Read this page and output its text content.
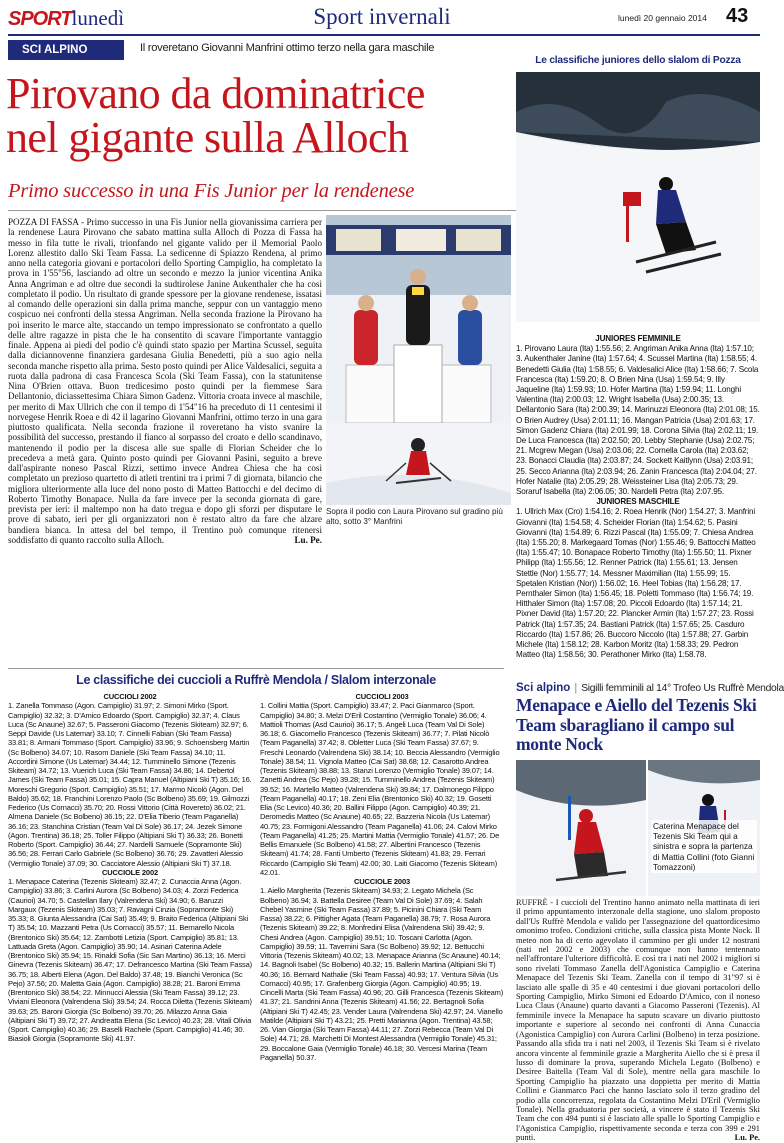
SPORTlunedì	Sport invernali	lunedì 20 gennaio 2014 43
SCI ALPINO	Il roveretano Giovanni Manfrini ottimo terzo nella gara maschile
Pirovano da dominatrice
nel gigante sulla Alloch
Primo successo in una Fis Junior per la rendenese
POZZA DI FASSA - Primo successo in una Fis Junior nella giovanissima carriera per la rendenese Laura Pirovano che sabato mattina sulla Alloch di Pozza di Fassa ha messo in fila tutte le rivali, trionfando nel gigante valido per il Memorial Paolo Lorenz allestito dallo Ski Team Fassa. La sedicenne di Spiazzo Rendena, al primo anno nella categoria giovani e portacolori dello Sporting Campiglio, ha completato la prova in 1'55"56, lasciando ad oltre un secondo e mezzo la junior vicentina Anika Anna Angriman e ad oltre due secondi la sudtirolese Janine Aukenthaler che ha così completato il podio. Un risultato di grande spessore per la giovane rendenese, issatasi al comando delle operazioni sin dalla prima manche, seppur con un vantaggio meno cospicuo nei confronti della stessa Angriman. Nella seconda frazione la Pirovano ha poi inserito le marce alte, staccando un tempo impressionato se confrontato a quello delle altre ragazze in pista che le ha consentito di scavare l'importante vantaggio finale. Appena ai piedi del podio c'è quindi stato spazio per Martina Scussel, seguita dalla diciannovenne finanziera gardesana Giulia Benedetti, più a suo agio nella seconda manche rispetto alla prima. Sesto posto quindi per Alice Valdesalici, seguita a ruota dalla padrona di casa Francesca Scola (Ski Team Fassa), con la statunitense Nina O'Brien ottava. Buon tredicesimo posto quindi per la fiemmese Sara Dellantonio, diciassettesima Chiara Simon Gadenz. Vittoria croata invece al maschile, per merito di Max Ullrich che con il tempo di 1'54"16 ha preceduto di 11 centesimi il norvegese Henrik Roea e di 42 il lagarino Giovanni Manfrini, ottimo terzo in una gara piuttosto qualificata. Nella seconda frazione il roveretano ha visto svanire la possibilità del successo, prestando il fianco al sorpasso del croato e dello scandinavo, mantenendo il podio per la discesa alle sue spalle di Florian Scheider che lo precedeva a metà gara. Quinto posto quindi per Giovanni Pasini, seguito a breve dall'aspirante noneso Pascal Rizzi, settimo invece Andrea Chiesa che ha così completato un prezioso quartetto di atleti trentini tra i primi 7 di giornata, bilancio che migliora ulteriormente alla luce del nono posto di Matteo Battocchi e del decimo di Roberto Timothy Bonapace. Nulla da fare invece per la seconda giornata di gare, prevista per ieri: il maltempo non ha dato tregua e dopo gli sforzi per disputare le prove di sabato, ieri per gli organizzatori non è restato altro da fare che alzare bandiera bianca. In attesa del bel tempo, il Trentino può comunque ritenersi soddisfatto di quanto raccolto sulla Alloch.	Lu. Pe.
Sopra il podio con Laura Pirovano sul gradino più alto, sotto 3° Manfrini
Le classifiche juniores dello slalom di Pozza
JUNIORES FEMMINILE
1. Pirovano Laura (Ita) 1:55.56; 2. Angriman Anika Anna (Ita) 1:57.10; 3. Aukenthaler Janine (Ita) 1:57.64; 4. Scussel Martina (Ita) 1:58.55; 4. Benedetti Giulia (Ita) 1:58.55; 6. Valdesalici Alice (Ita) 1:58.66; 7. Scola Francesca (Ita) 1:59.20; 8. O Brien Nina (Usa) 1:59.54; 9. Illy Jaqueline (Ita) 1:59.93; 10. Hofer Martina (Ita) 1:59.94; 11. Longhi Valentina (Ita) 2:00.03; 12. Wright Isabella (Usa) 2:00.35; 13. Dellantonio Sara (Ita) 2:00.39; 14. Marinuzzi Eleonora (Ita) 2:01.08; 15. O Brien Audrey (Usa) 2:01.11; 16. Mangan Patricia (Usa) 2:01.63; 17. Simon Gadenz Chiara (Ita) 2:01.99; 18. Corona Silvia (Ita) 2:02.11; 19. De Luca Francesca (Ita) 2:02.50; 20. Lebby Stephanie (Usa) 2:02.75; 21. Mcgrew Megan (Usa) 2:03.06; 22. Cornella Carola (Ita) 2:03.62; 23. Bonacci Claudia (Ita) 2:03.87; 24. Sockett Kaitlynn (Usa) 2:03.91; 25. Secco Arianna (Ita) 2:03.94; 26. Zanin Francesca (Ita) 2:04.04; 27. Hofer Natalie (Ita) 2:05.29; 28. Weissteiner Lisa (Ita) 2:05.73; 29. Soraruf Isabella (Ita) 2:06.05; 30. Nardelli Petra (Ita) 2:07.95.
JUNIORES MASCHILE
1. Ullrich Max (Cro) 1:54.16; 2. Roea Henrik (Nor) 1:54.27; 3. Manfrini Giovanni (Ita) 1:54.58; 4. Scheider Florian (Ita) 1:54.62; 5. Pasini Giovanni (Ita) 1:54.89; 6. Rizzi Pascal (Ita) 1:55.09; 7. Chiesa Andrea (Ita) 1:55.20; 8. Markegaard Tomas (Nor) 1:55.46; 9. Battocchi Matteo (Ita) 1:55.47; 10. Bonapace Roberto Timothy (Ita) 1:55.50; 11. Pixner Philipp (Ita) 1:55.56; 12. Renner Patrick (Ita) 1:55.61; 13. Jensen Stettle (Nor) 1:55.77; 14. Messner Maximilian (Ita) 1:55.99; 15. Spetalen Kristian (Nor)) 1:56.02; 16. Heel Tobias (Ita) 1:56.28; 17. Pernthaler Simon (Ita) 1:56.45; 18. Poletti Tommaso (Ita) 1:56.74; 19. Hitthaler Simon (Ita) 1:57.08; 20. Piccoli Edoardo (Ita) 1:57.14; 21. Pixner David (Ita) 1:57.20; 22. Plancker Armin (Ita) 1:57.27; 23. Rossi Patrick (Ita) 1:57.35; 24. Bastiani Patrick (Ita) 1:57.65; 25. Casduro Riccardo (Ita) 1:57.86; 26. Buccoro Niccolo (Ita) 1:57.88; 27. Garbin Michele (Ita) 1:58.12; 28. Karbon Moritz (Ita) 1:58.33; 29. Pedron Matteo (Ita) 1:58.56; 30. Perathoner Mirko (Ita) 1:58.78.
Le classifiche dei cuccioli a Ruffrè Mendola / Slalom interzonale
CUCCIOLI 2002
1. Zanella Tommaso (Agon. Campiglio) 31.97; 2. Simoni Mirko (Sport. Campiglio) 32.32; 3. D'Amico Edoardo (Sport. Campiglio) 32.37; 4. Claus Luca (Sc Anaune) 32.67; 5. Passeroni Giacomo (Tezenis Skiteam) 32.97; 6. Seppi Davide (Us Latemar) 33.10; 7. Cinnelli Fabian (Ski Team Fassa) 33.81; 8. Armani Tommaso (Sport. Campiglio) 33.96; 9. Schoensberg Martin (Sc Bolbeno) 34.07; 10. Rasom Daniele (Ski Team Fassa) 34.10; 11. Accordini Simone (Us Latemar) 34.44; 12. Tumminello Simone (Tezenis Skiteam) 34.72; 13. Vuerich Luca (Ski Team Fassa) 34.86; 14. Debertol James (Ski Team Fassa) 35.01; 15. Capra Manuel (Altipiani Ski T) 35.16; 16. Moreschi Gregorio (Sport. Campiglio) 35.51; 17. Marmo Nicolò (Agon. Del Baldo) 35.62; 18. Franchini Lorenzo Paolo (Sc Bolbeno) 35.69; 19. Gilmozzi Federico (Us Cornacci) 35.70; 20. Rossi Vittorio (Città Rovereto) 36.02; 21. Almena Daniele (Sc Bolbeno) 36.15; 22. D'Elia Tiberio (Team Paganella) 36.16; 23. Stanchina Cristian (Team Val Di Sole) 36.17; 24. Jezek Simone (Agon. Trentina) 36.18; 25. Toller Filippo (Altipiani Ski T) 36.33; 26. Bonetti Roberto (Sport. Campiglio) 36.44; 27. Nardelli Samuele (Sopramonte Ski) 36.56; 28. Ferrari Carlo Gabriele (Sc Bolbeno) 36.76; 29. Zavatteri Alessio (Vermiglio Tonale) 37.09; 30. Cacciatore Alessio (Altipiani Ski T) 37.18.
CUCCIOLE 2002
1. Menapace Caterina (Tezenis Skiteam) 32.47; 2. Cunaccia Anna (Agon. Campiglio) 33.86; 3. Carlini Aurora (Sc Bolbeno) 34.03; 4. Zorzi Federica (Caurioi) 34.70; 5. Castellan Ilary (Valrendena Ski) 34.90; 6. Baruzzi Margaux (Tezenis Skiteam) 35.03; 7. Ravagni Cinzia (Sopramonte Ski) 35.33; 8. Giunta Alessandra (Cai Sat) 35.49; 9. Braito Federica (Altipiani Ski T) 35.54; 10. Mazzanti Petra (Us Cornacci) 35.57; 11. Bernarello Nicola (Brentonico Ski) 35.64; 12. Zambotti Letizia (Sport. Campiglio) 35.81; 13. Lattuada Greta (Agon. Campiglio) 35.90; 14. Asinari Caterina Adele (Brentonico Ski) 35.94; 15. Rinaldi Sofia (Sic San Martino) 36.13; 16. Merci Ginevra (Tezenis Skiteam) 36.47; 17. Defrancesco Martina (Ski Team Fassa) 36.75; 18. Alberti Elena (Agon. Del Baldo) 37.48; 19. Bianchi Veronica (Sc Pejo) 37.56; 20. Maletta Gaia (Agon. Campiglio) 38.28; 21. Baroni Emma (Brentonico Ski) 38.54; 22. Minnucci Alessia (Ski Team Fassa) 39.12; 23. Viviani Eleonora (Valrendena Ski) 39.54; 24. Rocca Diletta (Tezenis Skiteam) 39.63; 25. Baroni Giorgia (Sc Bolbeno) 39.70; 26. Milazzo Anna Gaia (Altipiani Ski T) 39.72; 27. Andreatta Elena (Sc Levico) 40.23; 28. Vitali Olivia (Sport. Campiglio) 40.36; 29. Baselli Rachele (Sport. Campiglio) 41.46; 30. Biasioli Giorgia (Sopramonte Ski) 41.97.
CUCCIOLI 2003
1. Collini Mattia (Sport. Campiglio) 33.47; 2. Paci Gianmarco (Sport. Campiglio) 34.80; 3. Melzi D'Eril Costantino (Vermiglio Tonale) 36.06; 4. Mattioli Thomas (Asd Caurioi) 36.17; 5. Angeli Luca (Team Val Di Sole) 36.18; 6. Giacomello Francesco (Tezenis Skiteam) 36.77; 7. Pilati Nicolò (Team Paganella) 37.42; 8. Obletter Luca (Ski Team Fassa) 37.67; 9. Freschi Leonardo (Valrendena Ski) 38.14; 10. Beccia Alessandro (Vermiglio Tonale) 38.54; 11. Vignola Matteo (Cai Sat) 38.68; 12. Casarotto Andrea (Tezenis Skiteam) 38.88; 13. Stanzi Lorenzo (Vermiglio Tonale) 39.07; 14. Zanetti Andrea (Sc Pejo) 39.28; 15. Tumminello Andrea (Tezenis Skiteam) 39.52; 16. Martello Matteo (Valrendena Ski) 39.84; 17. Dalmonego Filippo (Team Paganella) 40.17; 18. Zeni Elia (Brentonico Ski) 40.32; 19. Gosetti Elia (Sc Levico) 40.36; 20. Ballini Filippo (Agon. Campiglio) 40.39; 21. Deromedis Matteo (Sc Anaune) 40.65; 22. Bazzeria Nicola (Us Latemar) 40.75; 23. Formigoni Alessandro (Team Paganella) 41.06; 24. Calovi Mirko (Team Paganella) 41.25; 25. Martini Mattia (Vermiglio Tonale) 41.57; 26. De Bellis Emanuele (Sc Bolbeno) 41.58; 27. Albertini Francesco (Tezenis Skiteam) 41.74; 28. Fanti Umberto (Tezenis Skiteam) 41.83; 29. Ferrari Riccardo (Campiglio Ski Team) 42.00; 30. Laiti Giacomo (Tezenis Skiteam) 42.01.
CUCCIOLE 2003
1. Aiello Margherita (Tezenis Skiteam) 34.93; 2. Legato Michela (Sc Bolbeno) 36.94; 3. Battella Desiree (Team Val Di Sole) 37.69; 4. Salah Chebel Yasmine (Ski Team Fassa) 37.89; 5. Picinini Chiara (Ski Team Fassa) 38.22; 6. Pittigher Agata (Team Paganella) 38.79; 7. Rosa Aurora (Tezenis Skiteam) 39.22; 8. Monfredini Elisa (Valrendena Ski) 39.42; 9. Chesi Andrea (Agon. Campiglio) 39.51; 10. Toscani Carlotta (Agon. Campiglio) 39.59; 11. Tavernini Sara (Sc Bolbeno) 39.92; 12. Bettucchi Vittoria (Tezenis Skiteam) 40.02; 13. Menapace Arianna (Sc Anaune) 40.14; 14. Bagnoli Isabel (Sc Bolbeno) 40.32; 15. Ballerin Martina (Altipiani Ski T) 40.36; 16. Bernard Nathalie (Ski Team Fassa) 40.93; 17. Ventura Silvia (Us Cornacci) 40.95; 17. Grafenberg Giorgia (Agon. Campiglio) 40.95; 19. Cincelli Marta (Ski Team Fassa) 40.96; 20. Gilli Francesca (Tezenis Skiteam) 41.37; 21. Sandrini Anna (Tezenis Skiteam) 41.56; 22. Bertagnoli Sofia (Altipiani Ski T) 42.45; 23. Vender Laura (Valrendena Ski) 42.97; 24. Vianello Matilde (Altipiani Ski T) 43.21; 25. Pretti Marianna (Agon. Trentina) 43.58; 26. Vian Giorgia (Ski Team Fassa) 44.11; 27. Zorzi Rebecca (Team Val Di Sole) 44.71; 28. Marchetti Di Montest Alessandra (Vermiglio Tonale) 45.31; 29. Boccalone Gaia (Vermiglio Tonale) 46.18; 30. Vercesi Marina (Team Paganella) 50.37.
Sci alpino | Sigilli femminili al 14° Trofeo Us Ruffrè Mendola
Menapace e Aiello del Tezenis Ski Team sbaragliano il campo sul monte Nock
Caterina Menapace del Tezenis Ski Team qui a sinistra e sopra la partenza di Mattia Collini (foto Gianni Tomazzoni)
RUFFRÈ - I cuccioli del Trentino hanno animato nella mattinata di ieri il primo appuntamento interzonale della stagione, uno slalom proposto dall'Us Ruffrè Mendola e valido per l'assegnazione del quattordicesimo omonimo trofeo. Condizioni critiche, sulla classica pista Monte Nock. Il meteo non ha di certo agevolato il cammino per gli under 12 nostrani (nati nel 2002 e 2003) che comunque non hanno tentennato nell'affrontare l'ulteriore difficoltà. E così tra i nati nel 2002 i migliori si sono rivelati Tommaso Zanella dell'Agonistica Campiglio e Caterina Menapace del Tezenis Ski Team. Zanella con il tempo di 31"97 si è lasciato alle spalle di 35 e 40 centesimi i due giovani portacolori dello Sporting Campiglio, Mirko Simoni ed Edoardo D'Amico, con il noneso Luca Claus (Anaune) quarto davanti a Giacomo Passeroni (Tezenis). Al femminile invece la Menapace ha saputo scavare un divario piuttosto importante e superiore al secondo nei confronti di Anna Cunaccia (Agonistica Campiglio) con Aurora Carlini (Bolbeno) in terza posizione. Passando alla sfida tra i nati nel 2003, il Tezenis Ski Team si è rivelato ancora vincente al femminile grazie a Margherita Aiello che si è presa il lusso di dominare la prova, superando Michela Legato (Bolbeno) e Desiree Baitella (Team Val di Sole), mentre nella gara maschile lo Sporting Campiglio ha piazzato una doppietta per merito di Mattia Collini e Gianmarco Paci che hanno lasciato solo il terzo gradino del podio alla concorrenza, regolata da Costantino Melzi D'Eril (Vermiglio Tonale). Nella graduatoria per società, a vincere è stato il Tezenis Ski Team che con 494 punti si è lasciato alle spalle lo Sporting Campiglio e l'Agonistica Campiglio, rispettivamente seconda e terza con 399 e 291 punti.	Lu. Pe.
